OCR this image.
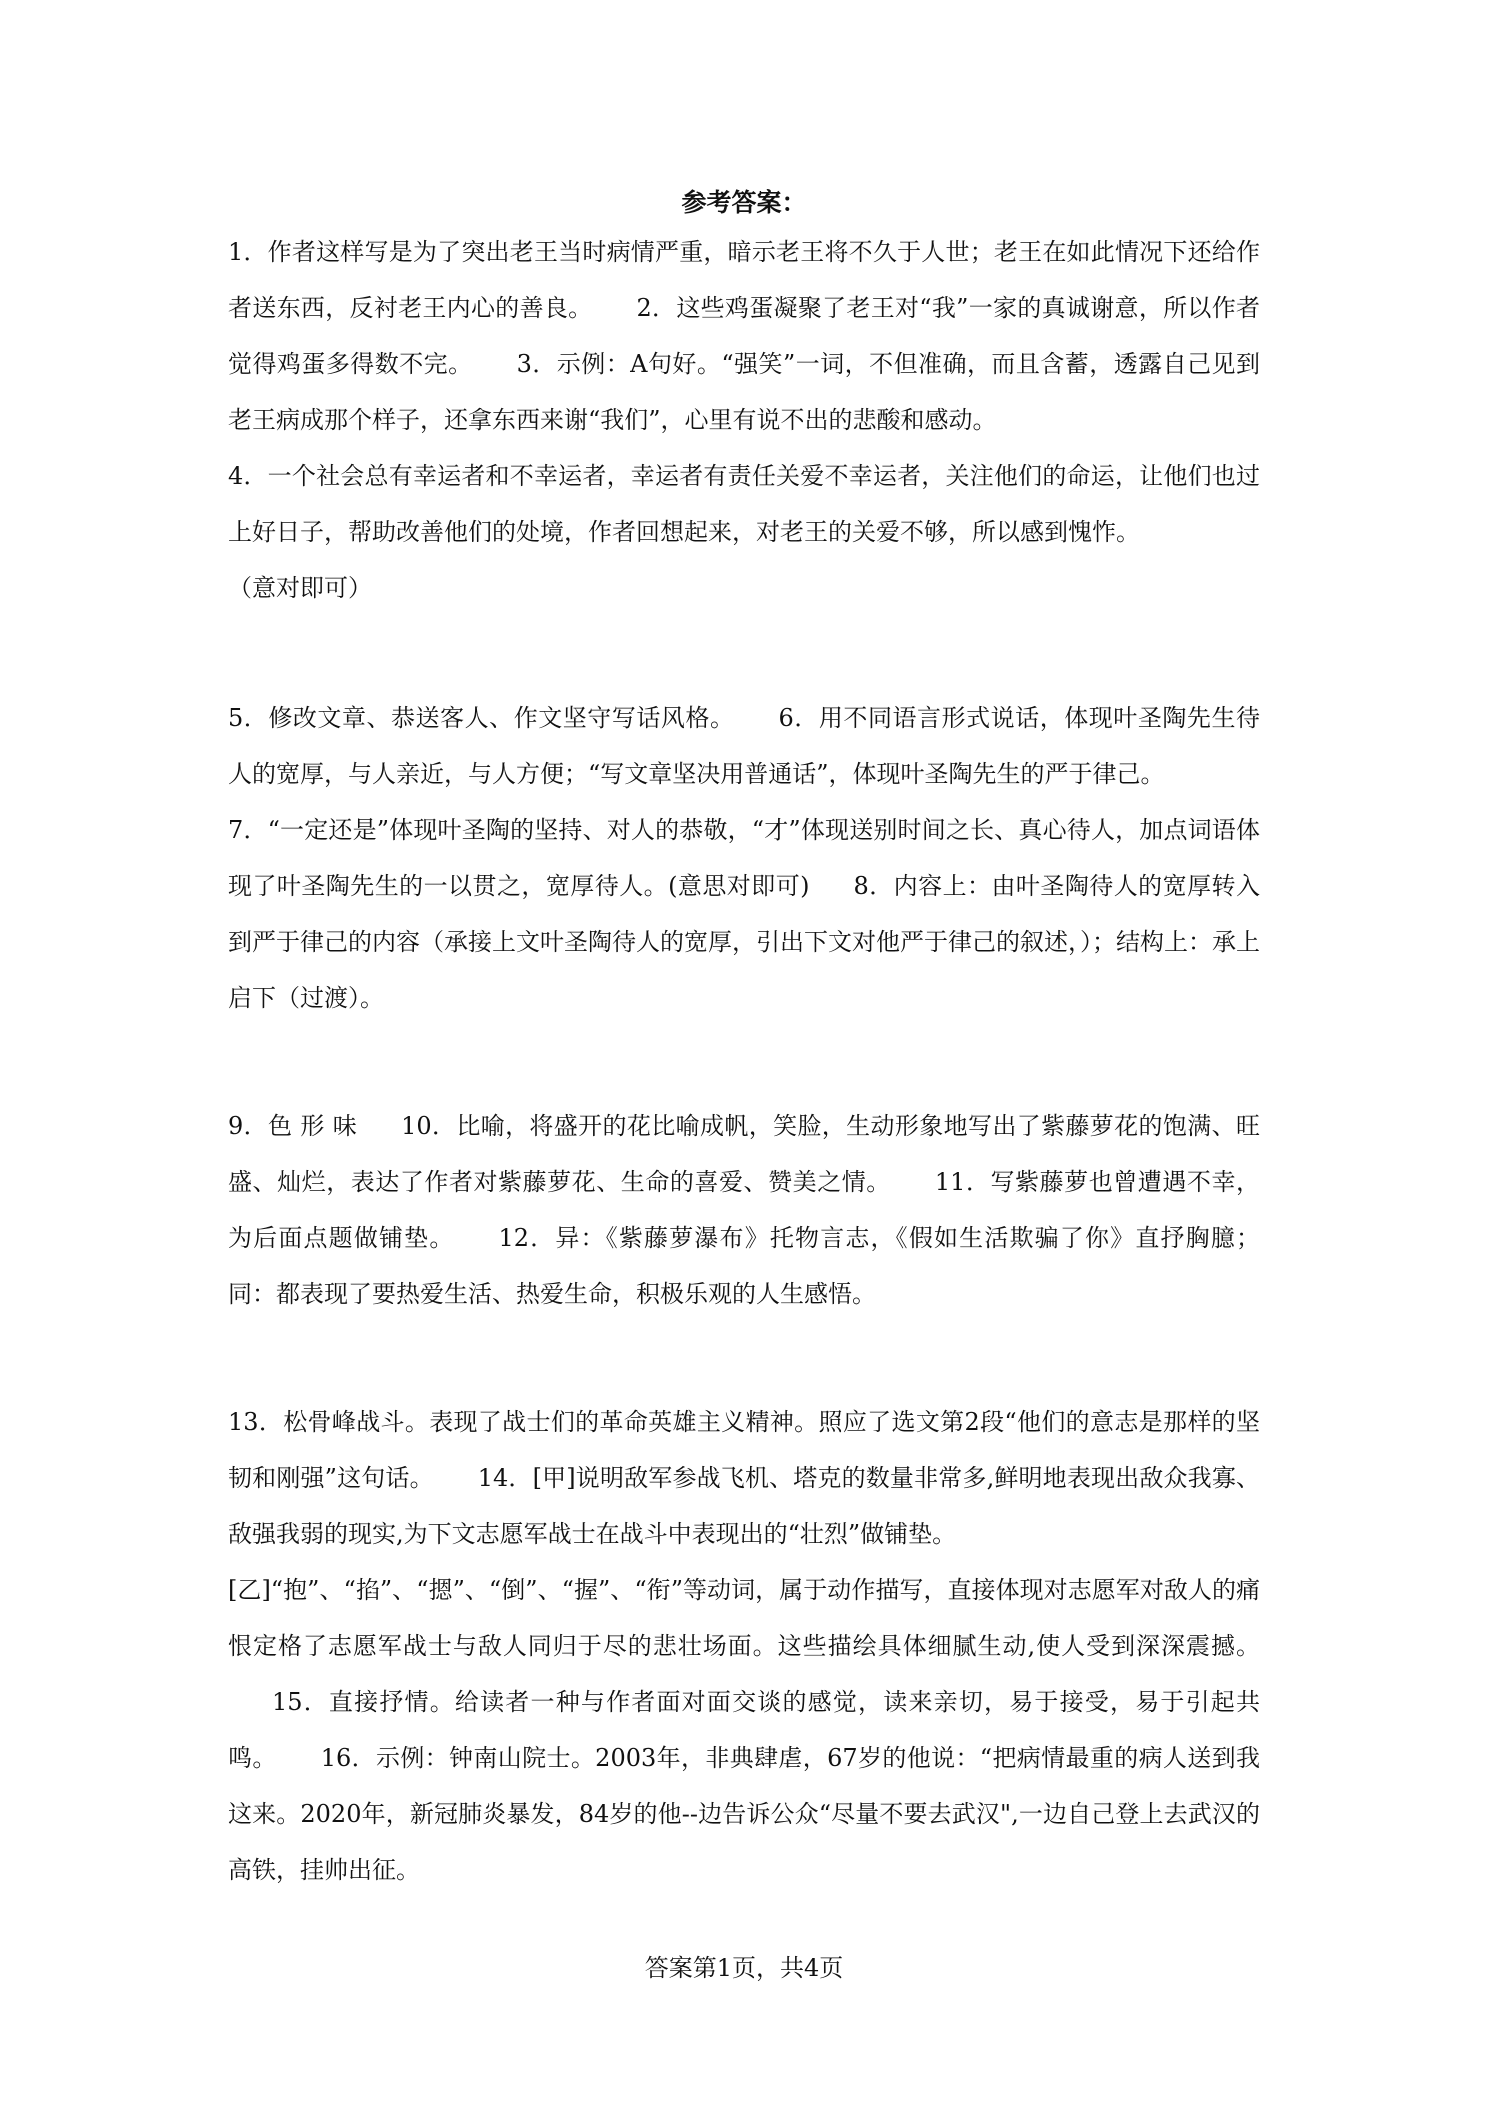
参考答案：

1．作者这样写是为了突出老王当时病情严重，暗示老王将不久于人世；老王在如此情况下还给作者送东西，反衬老王内心的善良。 2．这些鸡蛋凝聚了老王对“我”一家的真诚谢意，所以作者觉得鸡蛋多得数不完。 3．示例：A句好。“强笑”一词，不但准确，而且含蓄，透露自己见到老王病成那个样子，还拿东西来谢“我们”，心里有说不出的悲酸和感动。
4．一个社会总有幸运者和不幸运者，幸运者有责任关爱不幸运者，关注他们的命运，让他们也过上好日子，帮助改善他们的处境，作者回想起来，对老王的关爱不够，所以感到愧怍。
（意对即可）

5．修改文章、恭送客人、作文坚守写话风格。 6．用不同语言形式说话，体现叶圣陶先生待人的宽厚，与人亲近，与人方便；“写文章坚决用普通话”，体现叶圣陶先生的严于律己。
7．“一定还是”体现叶圣陶的坚持、对人的恭敬，“才”体现送别时间之长、真心待人，加点词语体现了叶圣陶先生的一以贯之，宽厚待人。(意思对即可) 8．内容上：由叶圣陶待人的宽厚转入到严于律己的内容（承接上文叶圣陶待人的宽厚，引出下文对他严于律己的叙述，）；结构上：承上启下（过渡）。

9．色 形 味 10．比喻，将盛开的花比喻成帆，笑脸，生动形象地写出了紫藤萝花的饱满、旺盛、灿烂，表达了作者对紫藤萝花、生命的喜爱、赞美之情。 11．写紫藤萝也曾遭遇不幸，为后面点题做铺垫。 12．异：《紫藤萝瀑布》托物言志，《假如生活欺骗了你》直抒胸臆；同：都表现了要热爱生活、热爱生命，积极乐观的人生感悟。

13．松骨峰战斗。表现了战士们的革命英雄主义精神。照应了选文第2段“他们的意志是那样的坚韧和刚强”这句话。 14．[甲]说明敌军参战飞机、塔克的数量非常多,鲜明地表现出敌众我寡、敌强我弱的现实,为下文志愿军战士在战斗中表现出的“壮烈”做铺垫。

[乙]“抱”、“掐”、“摁”、“倒”、“握”、“衔”等动词，属于动作描写，直接体现对志愿军对敌人的痛恨定格了志愿军战士与敌人同归于尽的悲壮场面。这些描绘具体细腻生动,使人受到深深震撼。15．直接抒情。给读者一种与作者面对面交谈的感觉，读来亲切，易于接受，易于引起共鸣。 16．示例：钟南山院士。2003年，非典肆虐，67岁的他说：“把病情最重的病人送到我这来。2020年，新冠肺炎暴发，84岁的他--边告诉公众“尽量不要去武汉",一边自己登上去武汉的高铁，挂帅出征。

答案第1页，共4页
